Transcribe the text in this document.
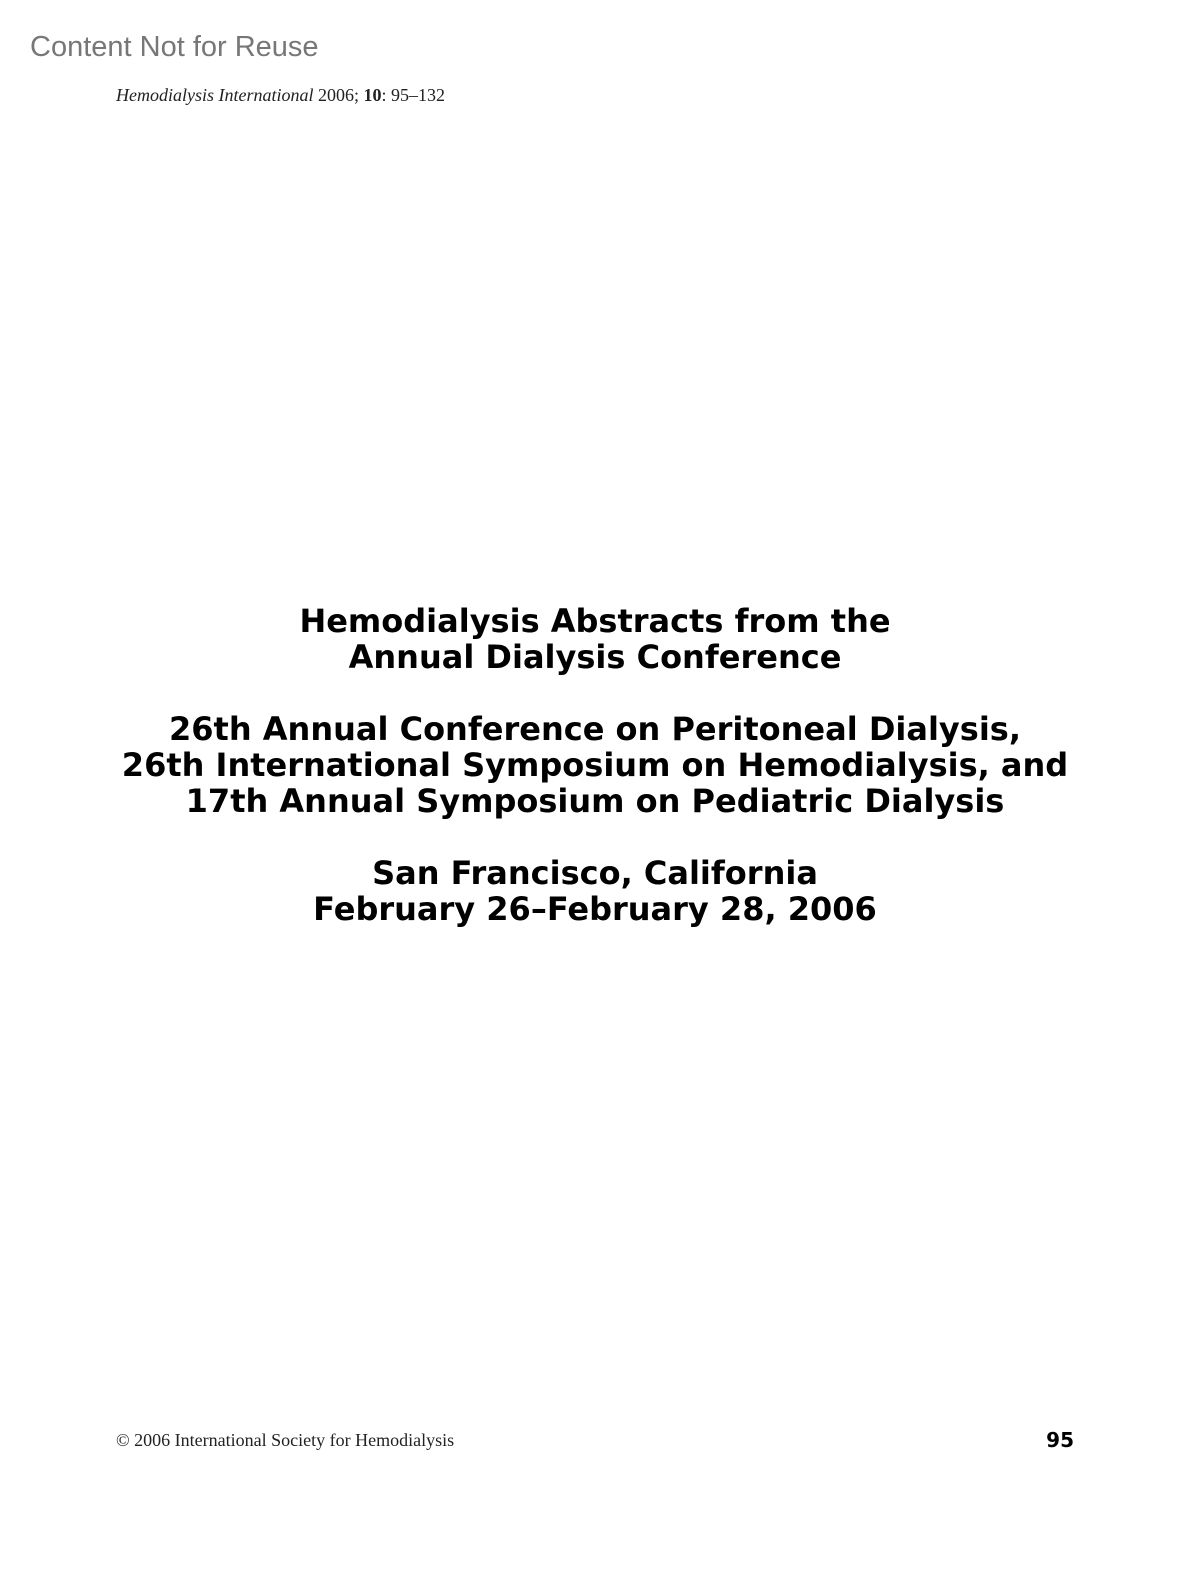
Content Not for Reuse
Hemodialysis International 2006; 10: 95–132
Hemodialysis Abstracts from the
Annual Dialysis Conference
26th Annual Conference on Peritoneal Dialysis,
26th International Symposium on Hemodialysis, and
17th Annual Symposium on Pediatric Dialysis
San Francisco, California
February 26–February 28, 2006
© 2006 International Society for Hemodialysis	95
